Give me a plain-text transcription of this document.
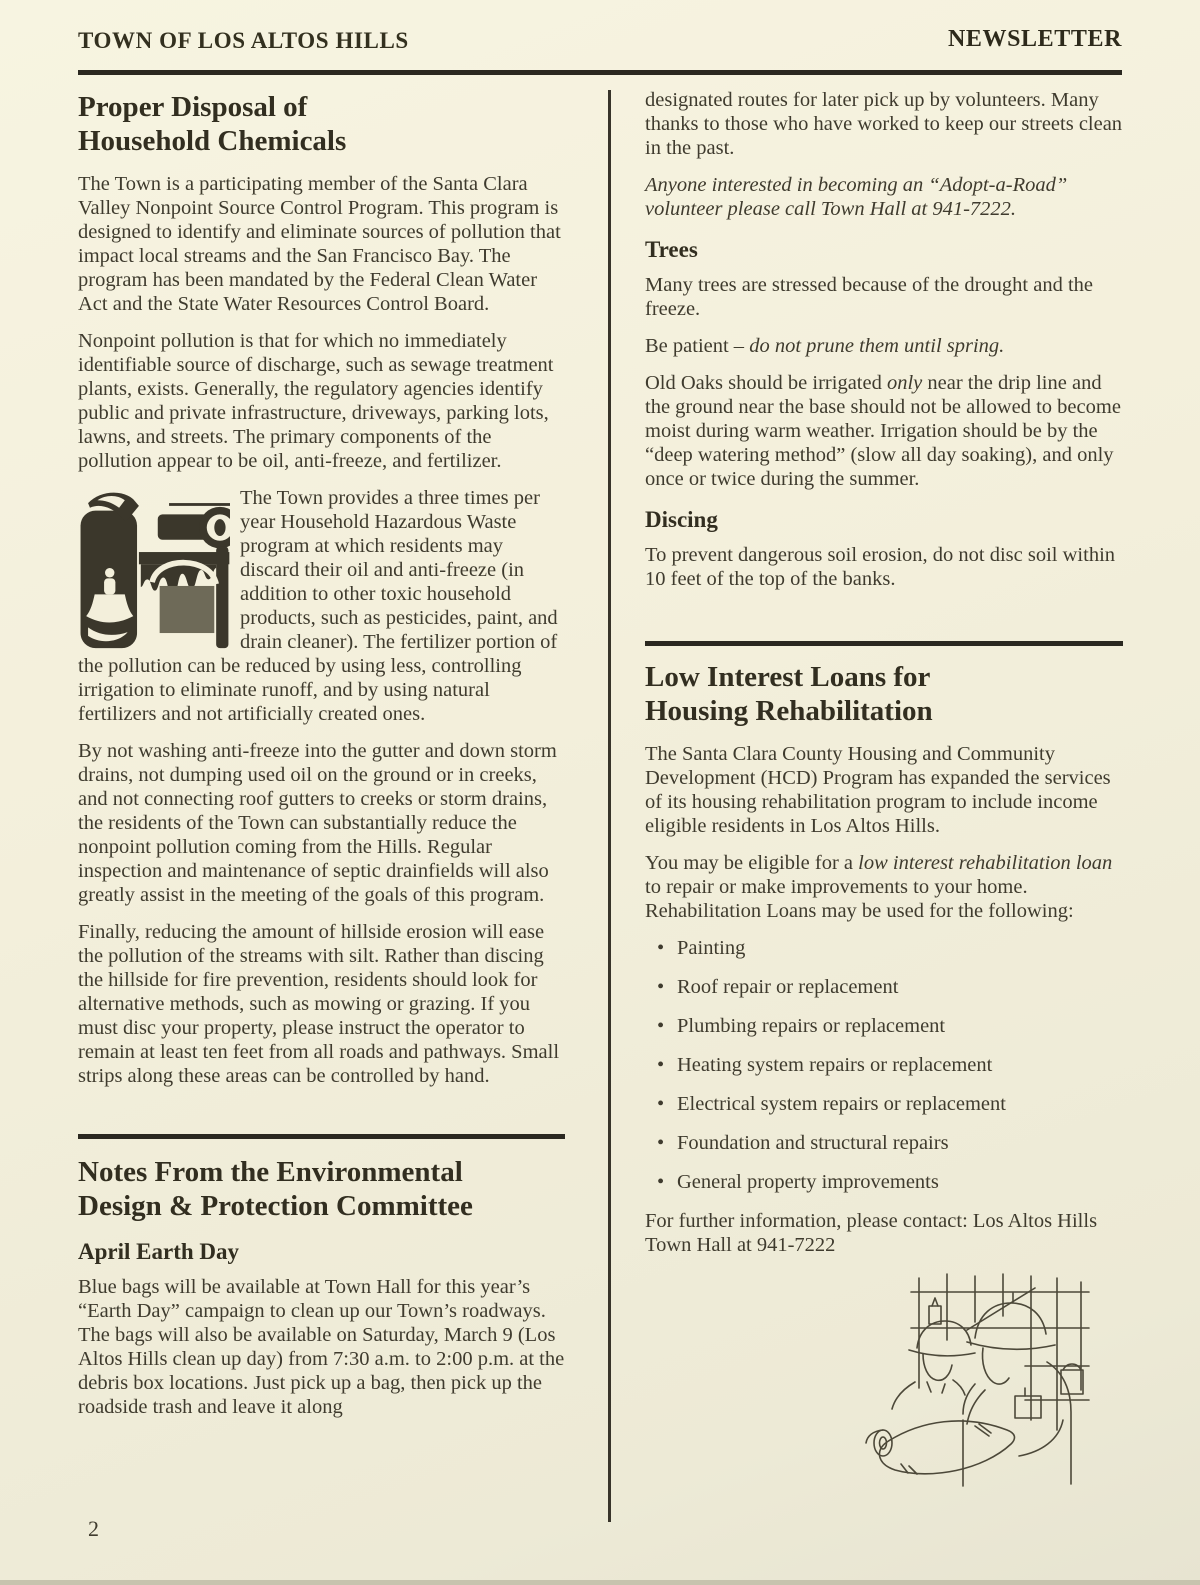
TOWN OF LOS ALTOS HILLS	NEWSLETTER
Proper Disposal of
Household Chemicals

The Town is a participating member of the Santa Clara Valley Nonpoint Source Control Program. This program is designed to identify and eliminate sources of pollution that impact local streams and the San Francisco Bay. The program has been mandated by the Federal Clean Water Act and the State Water Resources Control Board.

Nonpoint pollution is that for which no immediately identifiable source of discharge, such as sewage treatment plants, exists. Generally, the regulatory agencies identify public and private infrastructure, driveways, parking lots, lawns, and streets. The primary components of the pollution appear to be oil, anti-freeze, and fertilizer.

The Town provides a three times per year Household Hazardous Waste program at which residents may discard their oil and anti-freeze (in addition to other toxic household products, such as pesticides, paint, and drain cleaner). The fertilizer portion of the pollution can be reduced by using less, controlling irrigation to eliminate runoff, and by using natural fertilizers and not artificially created ones.

By not washing anti-freeze into the gutter and down storm drains, not dumping used oil on the ground or in creeks, and not connecting roof gutters to creeks or storm drains, the residents of the Town can substantially reduce the nonpoint pollution coming from the Hills. Regular inspection and maintenance of septic drainfields will also greatly assist in the meeting of the goals of this program.

Finally, reducing the amount of hillside erosion will ease the pollution of the streams with silt. Rather than discing the hillside for fire prevention, residents should look for alternative methods, such as mowing or grazing. If you must disc your property, please instruct the operator to remain at least ten feet from all roads and pathways. Small strips along these areas can be controlled by hand.

Notes From the Environmental
Design & Protection Committee
April Earth Day

Blue bags will be available at Town Hall for this year’s “Earth Day” campaign to clean up our Town’s roadways. The bags will also be available on Saturday, March 9 (Los Altos Hills clean up day) from 7:30 a.m. to 2:00 p.m. at the debris box locations. Just pick up a bag, then pick up the roadside trash and leave it along

designated routes for later pick up by volunteers. Many thanks to those who have worked to keep our streets clean in the past.

Anyone interested in becoming an “Adopt-a-Road” volunteer please call Town Hall at 941-7222.

Trees

Many trees are stressed because of the drought and the freeze.

Be patient – do not prune them until spring.

Old Oaks should be irrigated only near the drip line and the ground near the base should not be allowed to become moist during warm weather. Irrigation should be by the “deep watering method” (slow all day soaking), and only once or twice during the summer.

Discing

To prevent dangerous soil erosion, do not disc soil within 10 feet of the top of the banks.

Low Interest Loans for
Housing Rehabilitation

The Santa Clara County Housing and Community Development (HCD) Program has expanded the services of its housing rehabilitation program to include income eligible residents in Los Altos Hills.

You may be eligible for a low interest rehabilitation loan to repair or make improvements to your home. Rehabilitation Loans may be used for the following:

• Painting
• Roof repair or replacement
• Plumbing repairs or replacement
• Heating system repairs or replacement
• Electrical system repairs or replacement
• Foundation and structural repairs
• General property improvements

For further information, please contact: Los Altos Hills Town Hall at 941-7222

2
